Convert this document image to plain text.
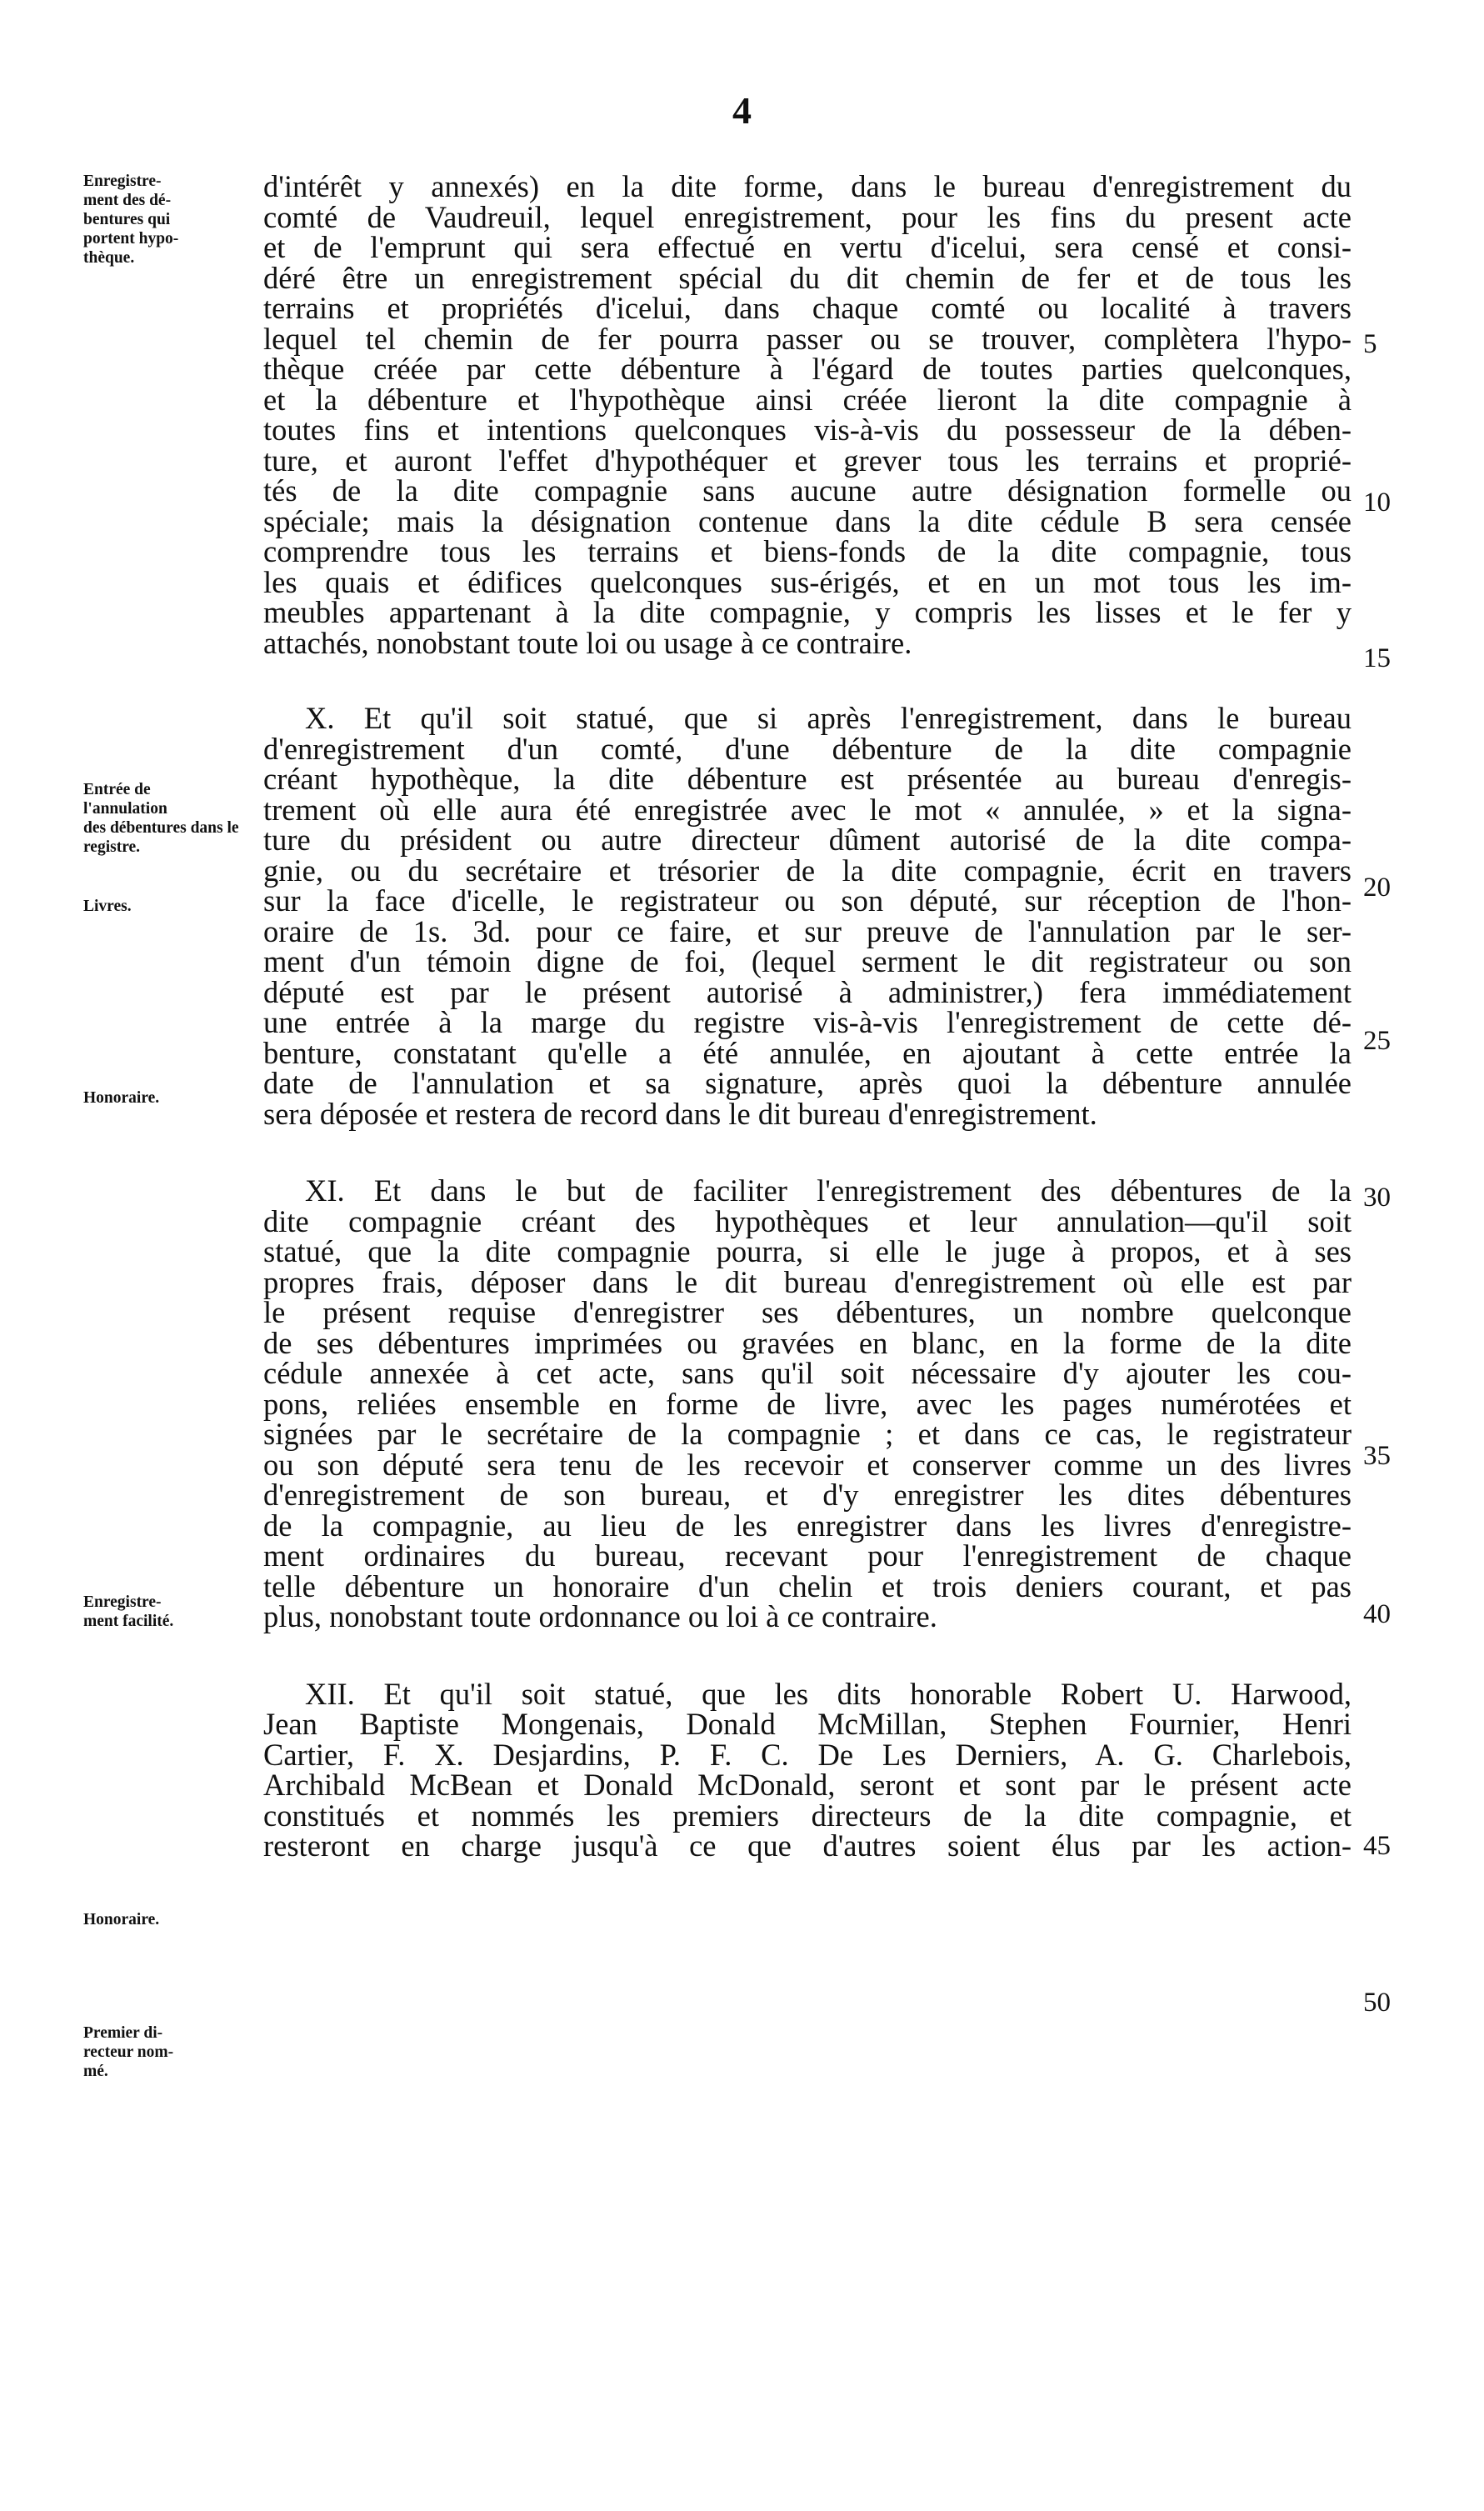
4
Enregistre-
ment des dé-
bentures qui
portent hypo-
thèque.
Entrée de
l'annulation
des débentures dans le
registre.
Livres.
Honoraire.
Enregistre-
ment facilité.
Honoraire.
Premier di-
recteur nom-
mé.
5
10
15
20
25
30
35
40
45
50

d'intérêt y annexés) en la dite forme, dans le bureau d'enregistrement du

comté de Vaudreuil, lequel enregistrement, pour les fins du present acte

et de l'emprunt qui sera effectué en vertu d'icelui, sera censé et consi-

déré être un enregistrement spécial du dit chemin de fer et de tous les

terrains et propriétés d'icelui, dans chaque comté ou localité à travers

lequel tel chemin de fer pourra passer ou se trouver, complètera l'hypo-

thèque créée par cette débenture à l'égard de toutes parties quelconques,

et la débenture et l'hypothèque ainsi créée lieront la dite compagnie à

toutes fins et intentions quelconques vis-à-vis du possesseur de la dében-

ture, et auront l'effet d'hypothéquer et grever tous les terrains et proprié-

tés de la dite compagnie sans aucune autre désignation formelle ou

spéciale; mais la désignation contenue dans la dite cédule B sera censée

comprendre tous les terrains et biens-fonds de la dite compagnie, tous

les quais et édifices quelconques sus-érigés, et en un mot tous les im-

meubles appartenant à la dite compagnie, y compris les lisses et le fer y

attachés, nonobstant toute loi ou usage à ce contraire.

X. Et qu'il soit statué, que si après l'enregistrement, dans le bureau

d'enregistrement d'un comté, d'une débenture de la dite compagnie

créant hypothèque, la dite débenture est présentée au bureau d'enregis-

trement où elle aura été enregistrée avec le mot « annulée, » et la signa-

ture du président ou autre directeur dûment autorisé de la dite compa-

gnie, ou du secrétaire et trésorier de la dite compagnie, écrit en travers

sur la face d'icelle, le registrateur ou son député, sur réception de l'hon-

oraire de 1s. 3d. pour ce faire, et sur preuve de l'annulation par le ser-

ment d'un témoin digne de foi, (lequel serment le dit registrateur ou son

député est par le présent autorisé à administrer,) fera immédiatement

une entrée à la marge du registre vis-à-vis l'enregistrement de cette dé-

benture, constatant qu'elle a été annulée, en ajoutant à cette entrée la

date de l'annulation et sa signature, après quoi la débenture annulée

sera déposée et restera de record dans le dit bureau d'enregistrement.

XI. Et dans le but de faciliter l'enregistrement des débentures de la

dite compagnie créant des hypothèques et leur annulation—qu'il soit

statué, que la dite compagnie pourra, si elle le juge à propos, et à ses

propres frais, déposer dans le dit bureau d'enregistrement où elle est par

le présent requise d'enregistrer ses débentures, un nombre quelconque

de ses débentures imprimées ou gravées en blanc, en la forme de la dite

cédule annexée à cet acte, sans qu'il soit nécessaire d'y ajouter les cou-

pons, reliées ensemble en forme de livre, avec les pages numérotées et

signées par le secrétaire de la compagnie ; et dans ce cas, le registrateur

ou son député sera tenu de les recevoir et conserver comme un des livres

d'enregistrement de son bureau, et d'y enregistrer les dites débentures

de la compagnie, au lieu de les enregistrer dans les livres d'enregistre-

ment ordinaires du bureau, recevant pour l'enregistrement de chaque

telle débenture un honoraire d'un chelin et trois deniers courant, et pas

plus, nonobstant toute ordonnance ou loi à ce contraire.

XII. Et qu'il soit statué, que les dits honorable Robert U. Harwood,

Jean Baptiste Mongenais, Donald McMillan, Stephen Fournier, Henri

Cartier, F. X. Desjardins, P. F. C. De Les Derniers, A. G. Charlebois,

Archibald McBean et Donald McDonald, seront et sont par le présent acte

constitués et nommés les premiers directeurs de la dite compagnie, et

resteront en charge jusqu'à ce que d'autres soient élus par les action-
